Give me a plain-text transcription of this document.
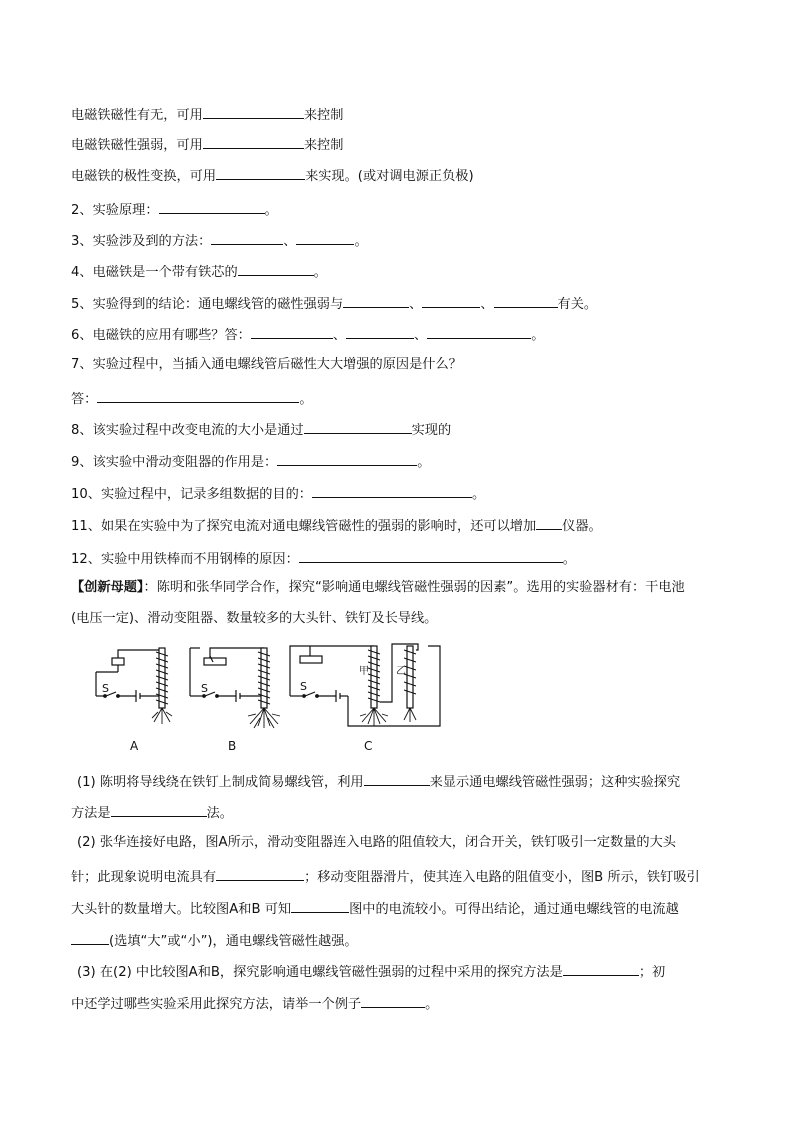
电磁铁磁性有无，可用	来控制
电磁铁磁性强弱，可用	来控制
电磁铁的极性变换，可用	来实现。(或对调电源正负极)
2、实验原理：	。
3、实验涉及到的方法：	、	。
4、电磁铁是一个带有铁芯的	。
5、实验得到的结论：通电螺线管的磁性强弱与	、	、	有关。
6、电磁铁的应用有哪些？答：	、	、	。
7、实验过程中，当插入通电螺线管后磁性大大增强的原因是什么？
答：	。
8、该实验过程中改变电流的大小是通过	实现的
9、该实验中滑动变阻器的作用是：	。
10、实验过程中，记录多组数据的目的：	。
11、如果在实验中为了探究电流对通电螺线管磁性的强弱的影响时，还可以增加 仪器。
12、实验中用铁棒而不用钢棒的原因：	。
【创新母题】：陈明和张华同学合作，探究“影响通电螺线管磁性强弱的因素”。选用的实验器材有：干电池
(电压一定)、滑动变阻器、数量较多的大头针、铁钉及长导线。
S	S	S
甲	乙
A	B	C
(1) 陈明将导线绕在铁钉上制成简易螺线管，利用	来显示通电螺线管磁性强弱；这种实验探究
方法是	法。
(2) 张华连接好电路，图A所示，滑动变阻器连入电路的阻值较大，闭合开关，铁钉吸引一定数量的大头
针；此现象说明电流具有	；移动变阻器滑片，使其连入电路的阻值变小，图B 所示，铁钉吸引
大头针的数量增大。比较图A和B 可知	图中的电流较小。可得出结论，通过通电螺线管的电流越
(选填“大”或“小”)，通电螺线管磁性越强。
(3) 在(2) 中比较图A和B，探究影响通电螺线管磁性强弱的过程中采用的探究方法是	；初
中还学过哪些实验采用此探究方法，请举一个例子	。
